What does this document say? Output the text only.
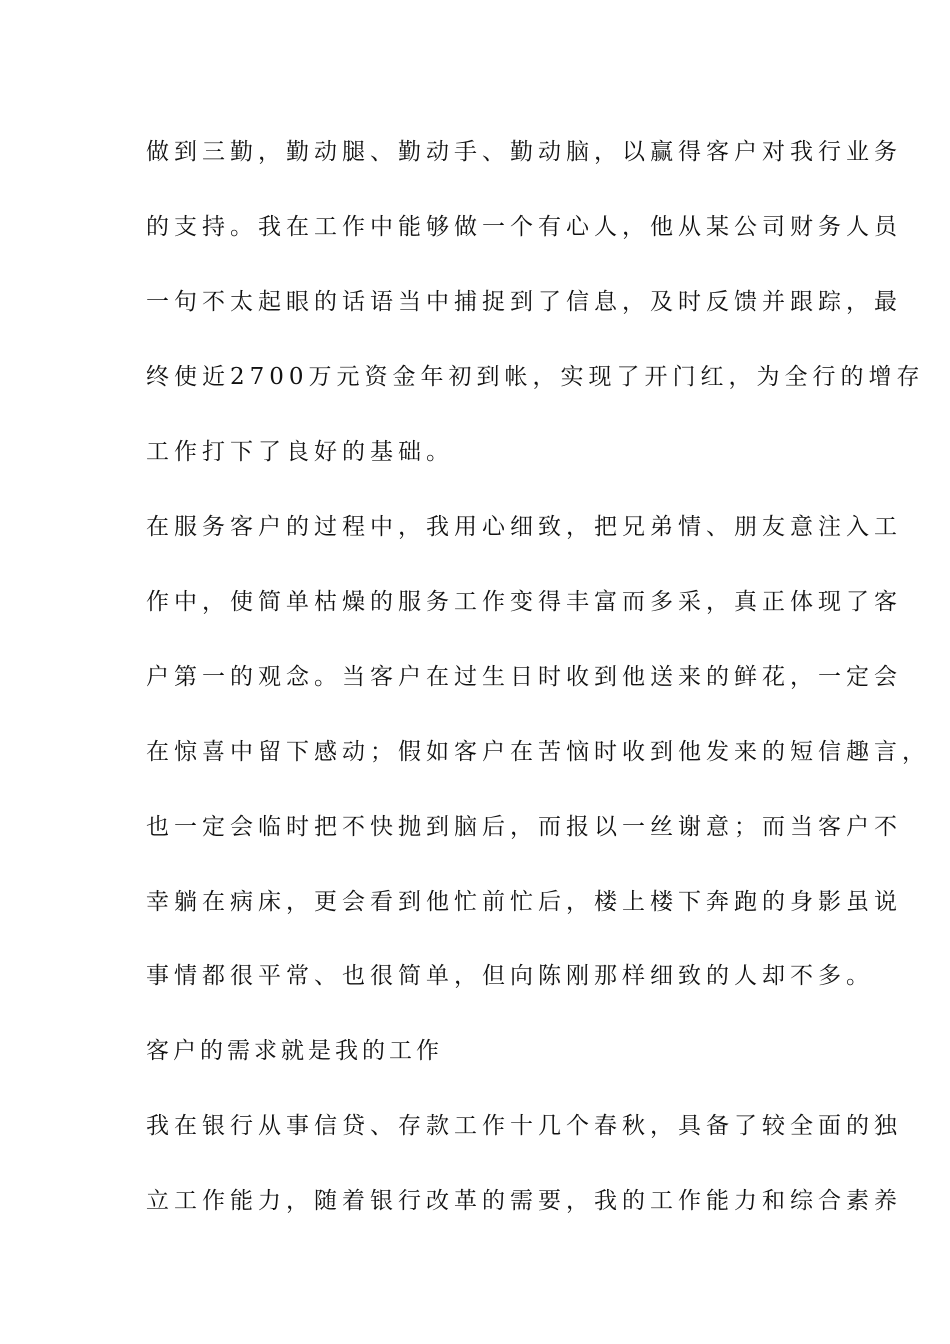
做到三勤，勤动腿、勤动手、勤动脑，以赢得客户对我行业务
的支持。我在工作中能够做一个有心人，他从某公司财务人员
一句不太起眼的话语当中捕捉到了信息，及时反馈并跟踪，最
终使近2700万元资金年初到帐，实现了开门红，为全行的增存
工作打下了良好的基础。
在服务客户的过程中，我用心细致，把兄弟情、朋友意注入工
作中，使简单枯燥的服务工作变得丰富而多采，真正体现了客
户第一的观念。当客户在过生日时收到他送来的鲜花，一定会
在惊喜中留下感动；假如客户在苦恼时收到他发来的短信趣言，
也一定会临时把不快抛到脑后，而报以一丝谢意；而当客户不
幸躺在病床，更会看到他忙前忙后，楼上楼下奔跑的身影虽说
事情都很平常、也很简单，但向陈刚那样细致的人却不多。
客户的需求就是我的工作
我在银行从事信贷、存款工作十几个春秋，具备了较全面的独
立工作能力，随着银行改革的需要，我的工作能力和综合素养
